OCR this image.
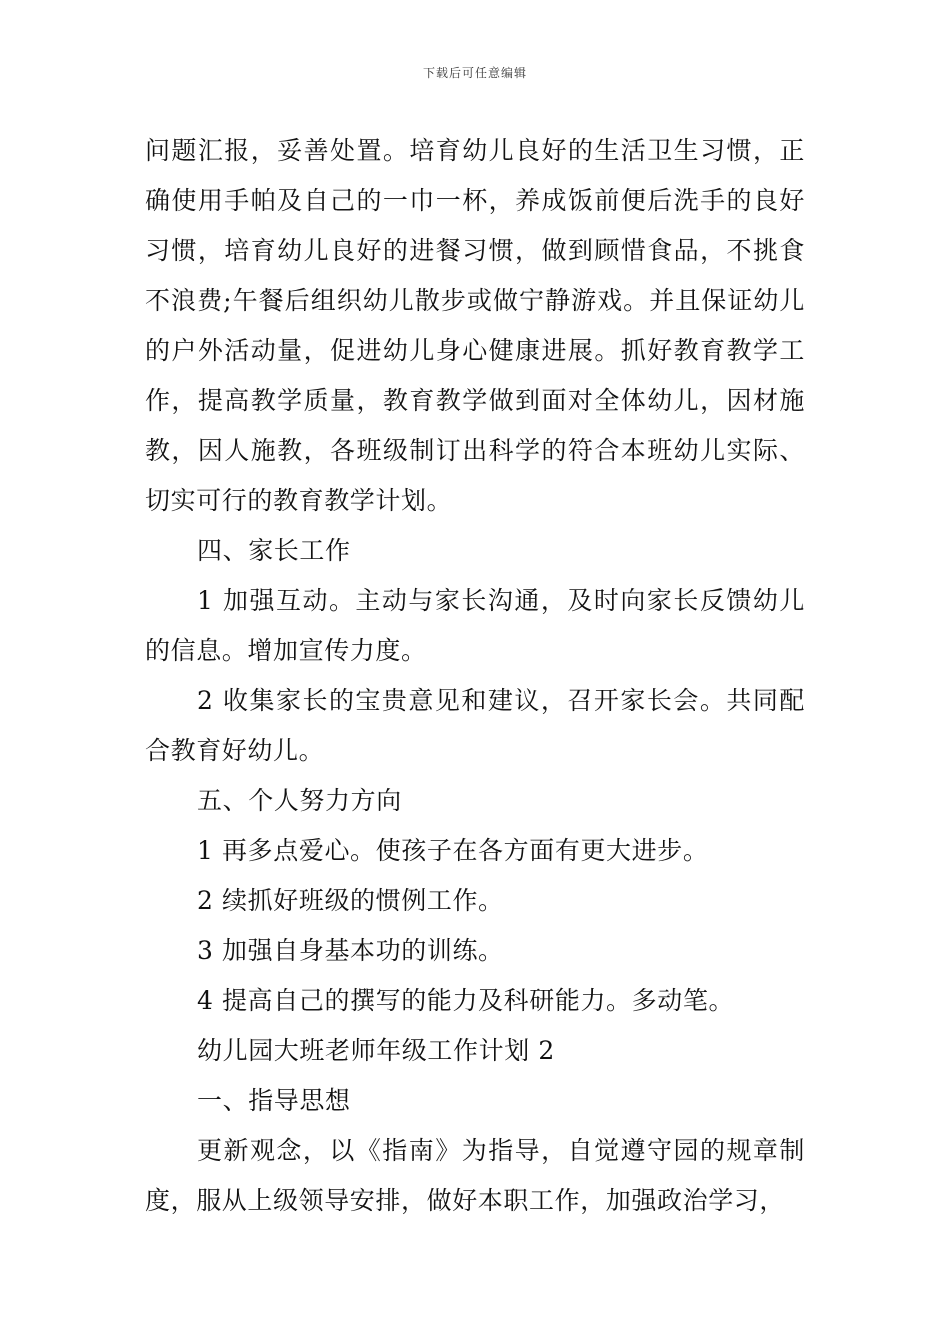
下载后可任意编辑

问题汇报，妥善处置。培育幼儿良好的生活卫生习惯，正确使用手帕及自己的一巾一杯，养成饭前便后洗手的良好习惯，培育幼儿良好的进餐习惯，做到顾惜食品，不挑食不浪费;午餐后组织幼儿散步或做宁静游戏。并且保证幼儿的户外活动量，促进幼儿身心健康进展。抓好教育教学工作，提高教学质量，教育教学做到面对全体幼儿，因材施教，因人施教，各班级制订出科学的符合本班幼儿实际、切实可行的教育教学计划。

四、家长工作

1 加强互动。主动与家长沟通，及时向家长反馈幼儿的信息。增加宣传力度。

2 收集家长的宝贵意见和建议，召开家长会。共同配合教育好幼儿。

五、个人努力方向

1 再多点爱心。使孩子在各方面有更大进步。

2 续抓好班级的惯例工作。

3 加强自身基本功的训练。

4 提高自己的撰写的能力及科研能力。多动笔。

幼儿园大班老师年级工作计划 2

一、指导思想

更新观念，以《指南》为指导，自觉遵守园的规章制度，服从上级领导安排，做好本职工作，加强政治学习，
